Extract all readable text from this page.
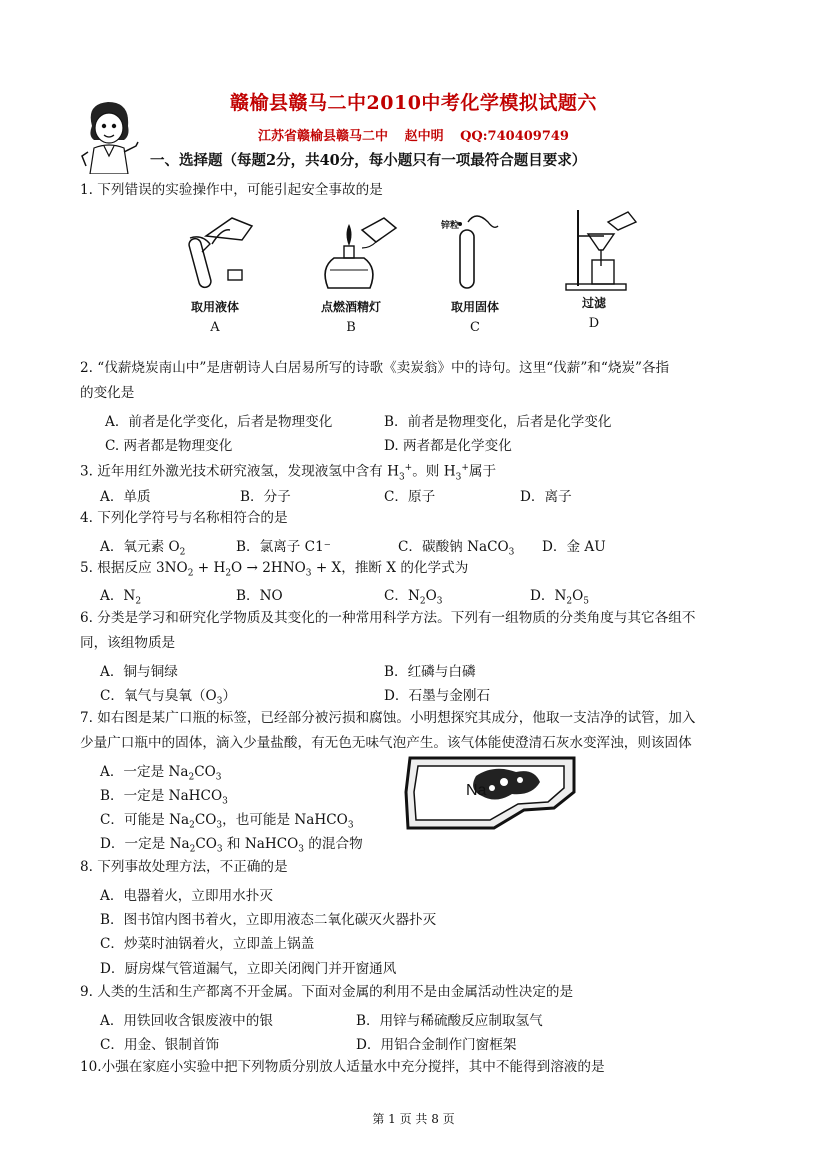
赣榆县赣马二中2010中考化学模拟试题六
江苏省赣榆县赣马二中 赵中明 QQ:740409749
一、选择题（每题2分，共40分，每小题只有一项最符合题目要求）
1. 下列错误的实验操作中，可能引起安全事故的是
取用液体
A
点燃酒精灯
B
锌粒
取用固体
C
过滤
D
2. “伐薪烧炭南山中”是唐朝诗人白居易所写的诗歌《卖炭翁》中的诗句。这里“伐薪”和“烧炭”各指
的变化是
A．前者是化学变化，后者是物理变化	B．前者是物理变化，后者是化学变化
C. 两者都是物理变化	D. 两者都是化学变化
3. 近年用红外激光技术研究液氢，发现液氢中含有 $H_3^+$。则 $H_3^+$属于
A．单质	B．分子	C．原子	D．离子
4. 下列化学符号与名称相符合的是
A．氧元素 $O_2$	B．氯离子 C1⁻	C．碳酸钠 NaCO$_3$ D．金 AU
5. 根据反应 $3NO_2 + H_2O \to 2HNO_3 + X$，推断 X 的化学式为
A．$N_2$	B．NO	C．$N_2O_3$	D．$N_2O_5$
6. 分类是学习和研究化学物质及其变化的一种常用科学方法。下列有一组物质的分类角度与其它各组不
同，该组物质是
A．铜与铜绿	B．红磷与白磷
C．氧气与臭氧$(O_3)$	D．石墨与金刚石
7. 如右图是某广口瓶的标签，已经部分被污损和腐蚀。小明想探究其成分，他取一支洁净的试管，加入
少量广口瓶中的固体，滴入少量盐酸，有无色无味气泡产生。该气体能使澄清石灰水变浑浊，则该固体
A．一定是 $Na_2CO_3$
B．一定是 NaHCO$_3$
C．可能是 $Na_2CO_3$，也可能是 NaHCO$_3$
D．一定是 $Na_2CO_3$ 和 NaHCO$_3$ 的混合物
Na
8. 下列事故处理方法，不正确的是
A．电器着火，立即用水扑灭
B．图书馆内图书着火，立即用液态二氧化碳灭火器扑灭
C．炒菜时油锅着火，立即盖上锅盖
D．厨房煤气管道漏气，立即关闭阀门并开窗通风
9. 人类的生活和生产都离不开金属。下面对金属的利用不是由金属活动性决定的是
A．用铁回收含银废液中的银	B．用锌与稀硫酸反应制取氢气
C．用金、银制首饰	D．用铝合金制作门窗框架
10.小强在家庭小实验中把下列物质分别放人适量水中充分搅拌，其中不能得到溶液的是
第 1 页 共 8 页
